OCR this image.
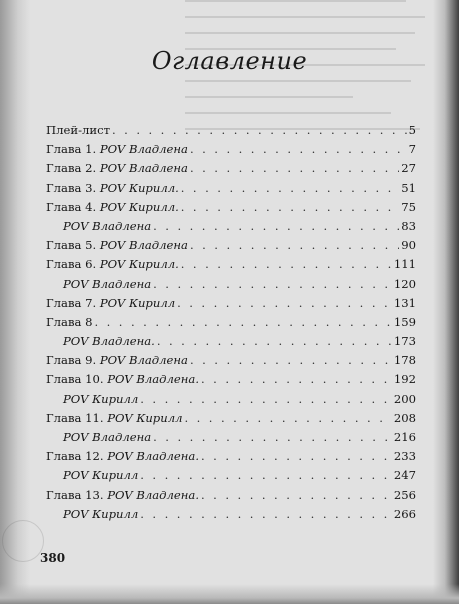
Оглавление
Плей-лист . . .	5
Глава 1. POV Владлена . . .	7
Глава 2. POV Владлена . . .	27
Глава 3. POV Кирилл. . . .	51
Глава 4. POV Кирилл. . . .	75
POV Владлена . . .	83
Глава 5. POV Владлена . . .	90
Глава 6. POV Кирилл. . . .	111
POV Владлена . . .	120
Глава 7. POV Кирилл . . .	131
Глава 8 . . .	159
POV Владлена. . . .	173
Глава 9. POV Владлена . . .	178
Глава 10. POV Владлена. . . .	192
POV Кирилл . . .	200
Глава 11. POV Кирилл . . .	208
POV Владлена . . .	216
Глава 12. POV Владлена. . . .	233
POV Кирилл . . .	247
Глава 13. POV Владлена. . . .	256
POV Кирилл . . .	266
380
